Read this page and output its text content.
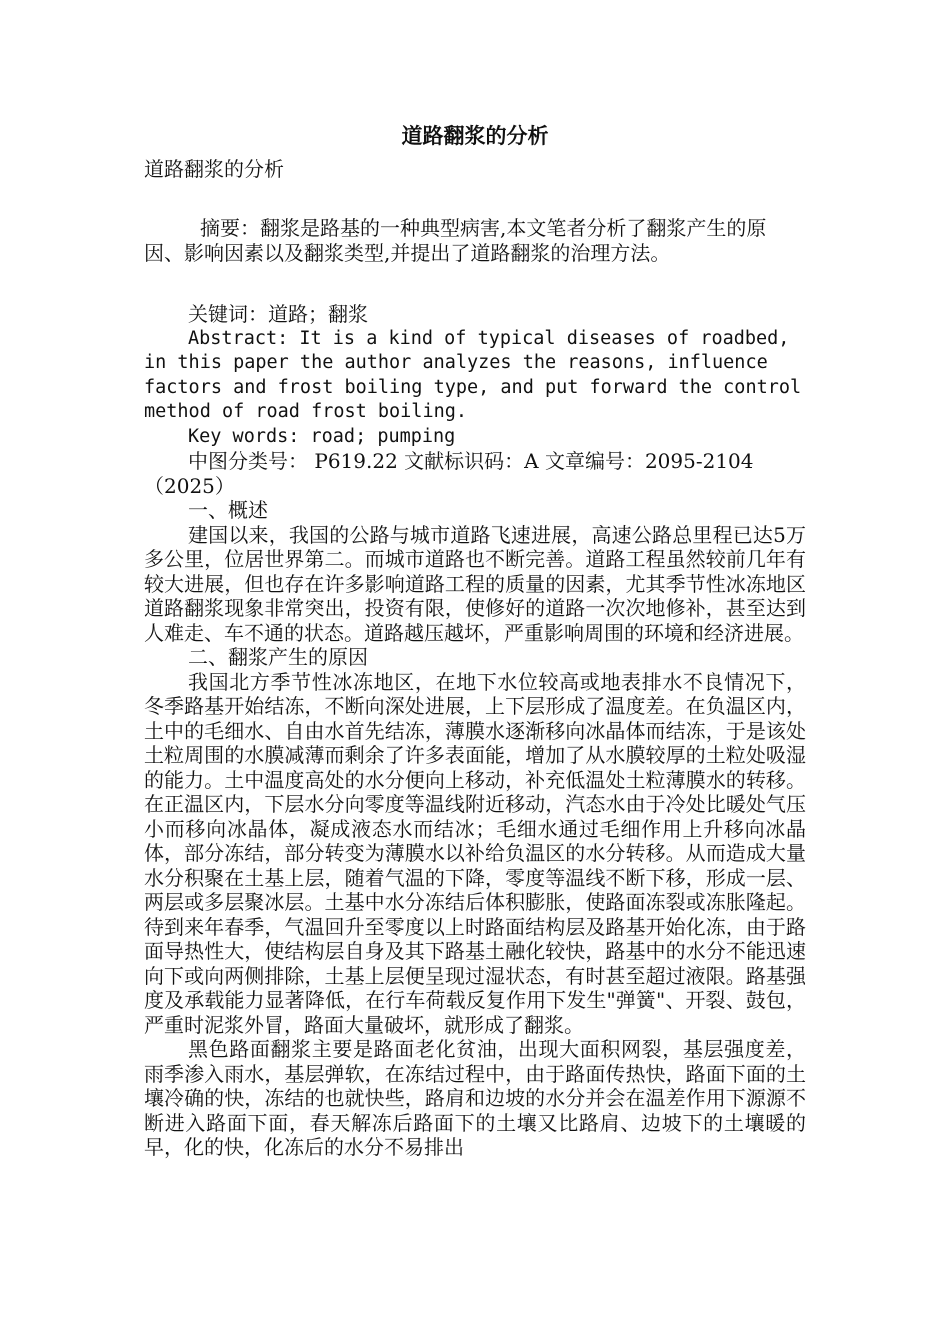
道路翻浆的分析

道路翻浆的分析

摘要：翻浆是路基的一种典型病害,本文笔者分析了翻浆产生的原因、影响因素以及翻浆类型,并提出了道路翻浆的治理方法。

关键词：道路；翻浆

Abstract: It is a kind of typical diseases of roadbed, in this paper the author analyzes the reasons, influence factors and frost boiling type, and put forward the control method of road frost boiling.

Key words: road; pumping

中图分类号： P619.22 文献标识码：A 文章编号：2095-2104（2025）

一、概述

建国以来，我国的公路与城市道路飞速进展，高速公路总里程已达5万多公里，位居世界第二。而城市道路也不断完善。道路工程虽然较前几年有较大进展，但也存在许多影响道路工程的质量的因素，尤其季节性冰冻地区道路翻浆现象非常突出，投资有限，使修好的道路一次次地修补，甚至达到人难走、车不通的状态。道路越压越坏，严重影响周围的环境和经济进展。

二、翻浆产生的原因

我国北方季节性冰冻地区，在地下水位较高或地表排水不良情况下，冬季路基开始结冻，不断向深处进展，上下层形成了温度差。在负温区内，土中的毛细水、自由水首先结冻，薄膜水逐渐移向冰晶体而结冻，于是该处土粒周围的水膜减薄而剩余了许多表面能，增加了从水膜较厚的土粒处吸湿的能力。土中温度高处的水分便向上移动，补充低温处土粒薄膜水的转移。在正温区内，下层水分向零度等温线附近移动，汽态水由于冷处比暖处气压小而移向冰晶体，凝成液态水而结冰；毛细水通过毛细作用上升移向冰晶体，部分冻结，部分转变为薄膜水以补给负温区的水分转移。从而造成大量水分积聚在土基上层，随着气温的下降，零度等温线不断下移，形成一层、两层或多层聚冰层。土基中水分冻结后体积膨胀，使路面冻裂或冻胀隆起。待到来年春季，气温回升至零度以上时路面结构层及路基开始化冻，由于路面导热性大，使结构层自身及其下路基土融化较快，路基中的水分不能迅速向下或向两侧排除，土基上层便呈现过湿状态，有时甚至超过液限。路基强度及承载能力显著降低，在行车荷载反复作用下发生"弹簧"、开裂、鼓包，严重时泥浆外冒，路面大量破坏，就形成了翻浆。

黑色路面翻浆主要是路面老化贫油，出现大面积网裂，基层强度差，雨季渗入雨水，基层弹软，在冻结过程中，由于路面传热快，路面下面的土壤冷确的快，冻结的也就快些，路肩和边坡的水分并会在温差作用下源源不断进入路面下面，春天解冻后路面下的土壤又比路肩、边坡下的土壤暖的早，化的快，化冻后的水分不易排出
